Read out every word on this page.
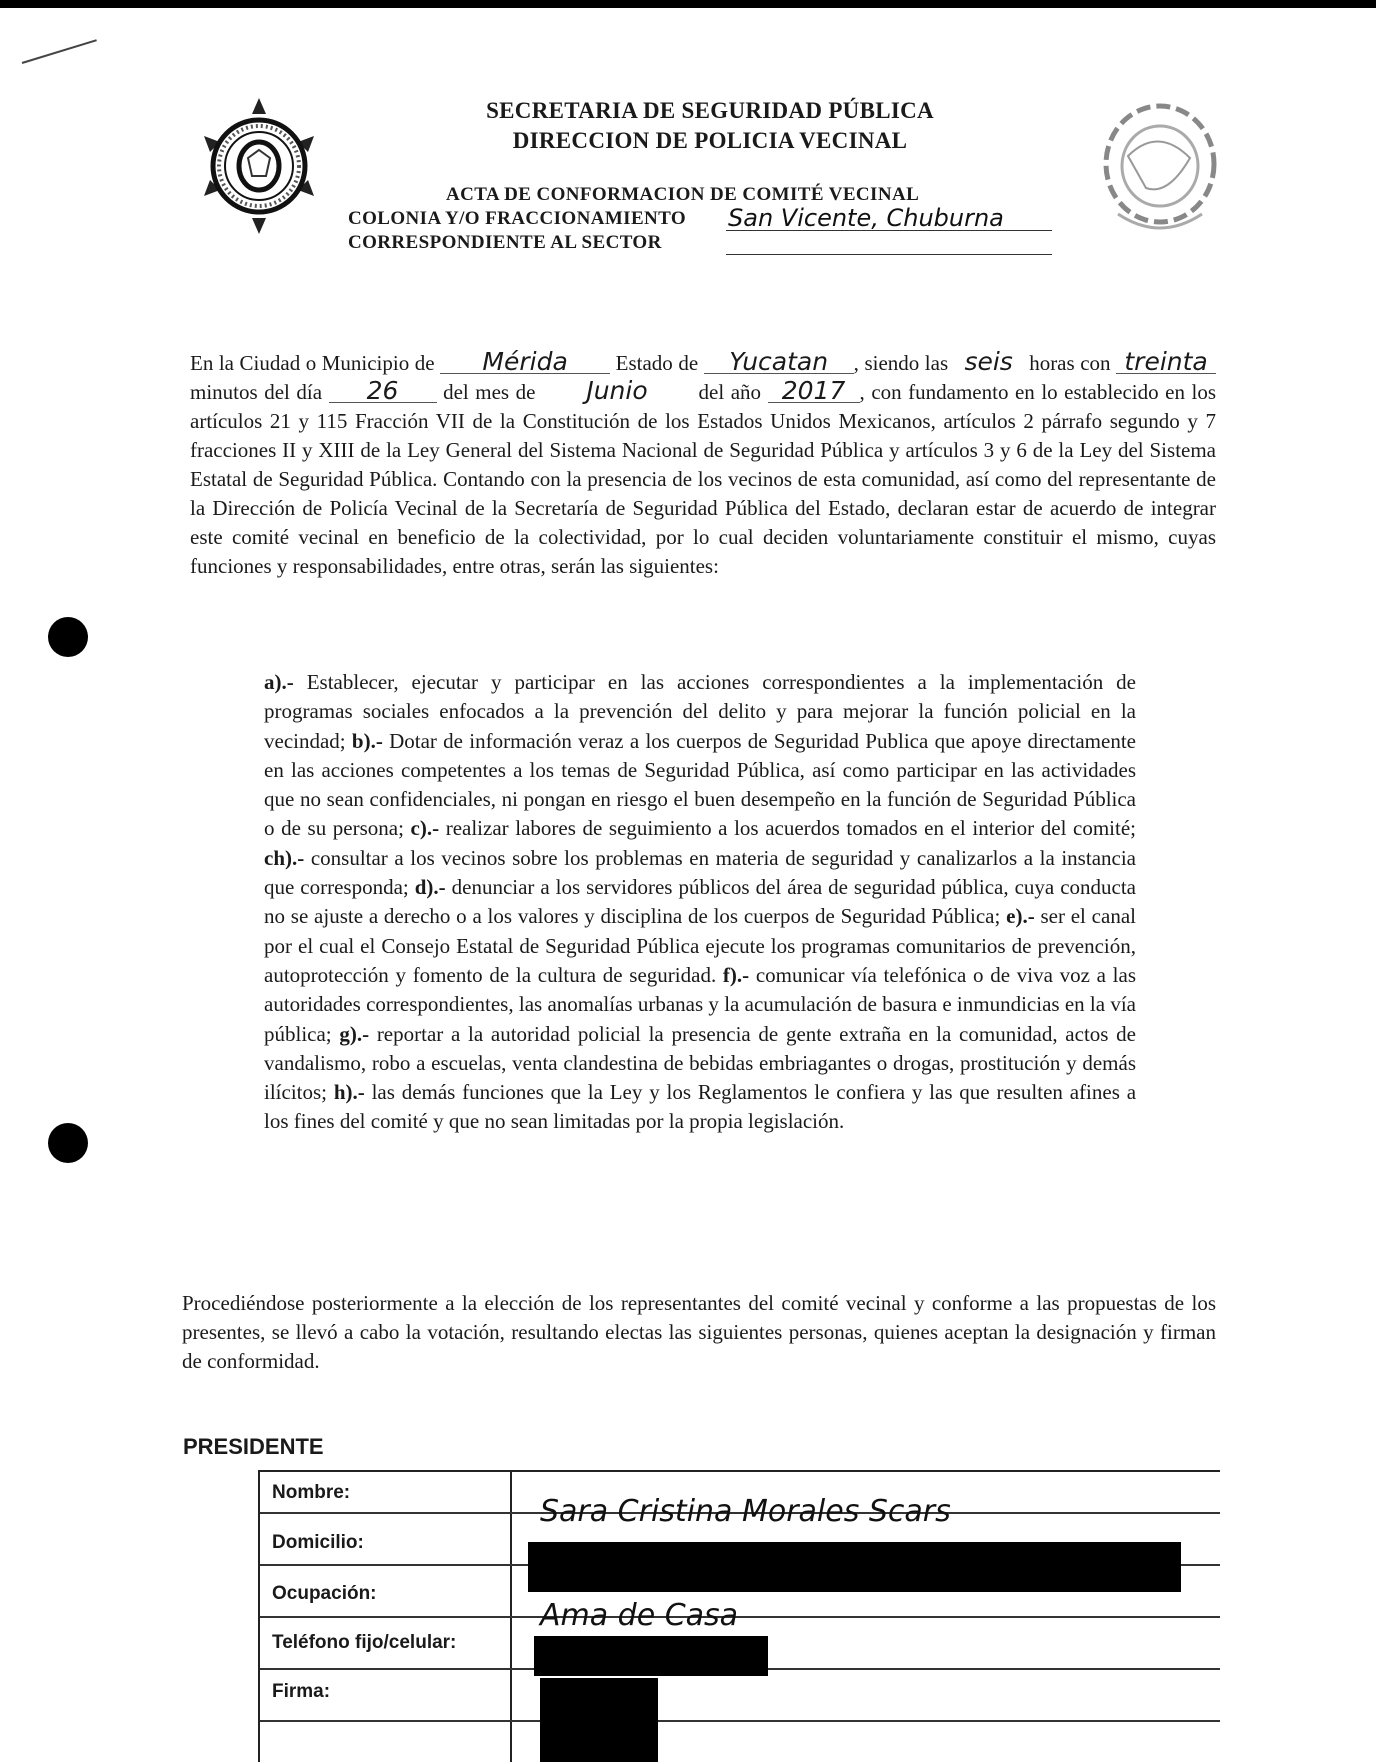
SECRETARIA DE SEGURIDAD PÚBLICA
DIRECCION DE POLICIA VECINAL
ACTA DE CONFORMACION DE COMITÉ VECINAL
COLONIA Y/O FRACCIONAMIENTO San Vicente, Chuburna
CORRESPONDIENTE AL SECTOR

En la Ciudad o Municipio de Mérida Estado de Yucatan , siendo las seis horas con treinta minutos del día 26 del mes de Junio del año 2017 , con fundamento en lo establecido en los artículos 21 y 115 Fracción VII de la Constitución de los Estados Unidos Mexicanos, artículos 2 párrafo segundo y 7 fracciones II y XIII de la Ley General del Sistema Nacional de Seguridad Pública y artículos 3 y 6 de la Ley del Sistema Estatal de Seguridad Pública. Contando con la presencia de los vecinos de esta comunidad, así como del representante de la Dirección de Policía Vecinal de la Secretaría de Seguridad Pública del Estado, declaran estar de acuerdo de integrar este comité vecinal en beneficio de la colectividad, por lo cual deciden voluntariamente constituir el mismo, cuyas funciones y responsabilidades, entre otras, serán las siguientes:

a).- Establecer, ejecutar y participar en las acciones correspondientes a la implementación de programas sociales enfocados a la prevención del delito y para mejorar la función policial en la vecindad; b).- Dotar de información veraz a los cuerpos de Seguridad Publica que apoye directamente en las acciones competentes a los temas de Seguridad Pública, así como participar en las actividades que no sean confidenciales, ni pongan en riesgo el buen desempeño en la función de Seguridad Pública o de su persona; c).- realizar labores de seguimiento a los acuerdos tomados en el interior del comité; ch).- consultar a los vecinos sobre los problemas en materia de seguridad y canalizarlos a la instancia que corresponda; d).- denunciar a los servidores públicos del área de seguridad pública, cuya conducta no se ajuste a derecho o a los valores y disciplina de los cuerpos de Seguridad Pública; e).- ser el canal por el cual el Consejo Estatal de Seguridad Pública ejecute los programas comunitarios de prevención, autoprotección y fomento de la cultura de seguridad. f).- comunicar vía telefónica o de viva voz a las autoridades correspondientes, las anomalías urbanas y la acumulación de basura e inmundicias en la vía pública; g).- reportar a la autoridad policial la presencia de gente extraña en la comunidad, actos de vandalismo, robo a escuelas, venta clandestina de bebidas embriagantes o drogas, prostitución y demás ilícitos; h).- las demás funciones que la Ley y los Reglamentos le confiera y las que resulten afines a los fines del comité y que no sean limitadas por la propia legislación.
Procediéndose posteriormente a la elección de los representantes del comité vecinal y conforme a las propuestas de los presentes, se llevó a cabo la votación, resultando electas las siguientes personas, quienes aceptan la designación y firman de conformidad.
PRESIDENTE
Nombre:
Domicilio:
Ocupación:
Teléfono fijo/celular:
Firma:
Sara Cristina Morales Scars
Ama de Casa
